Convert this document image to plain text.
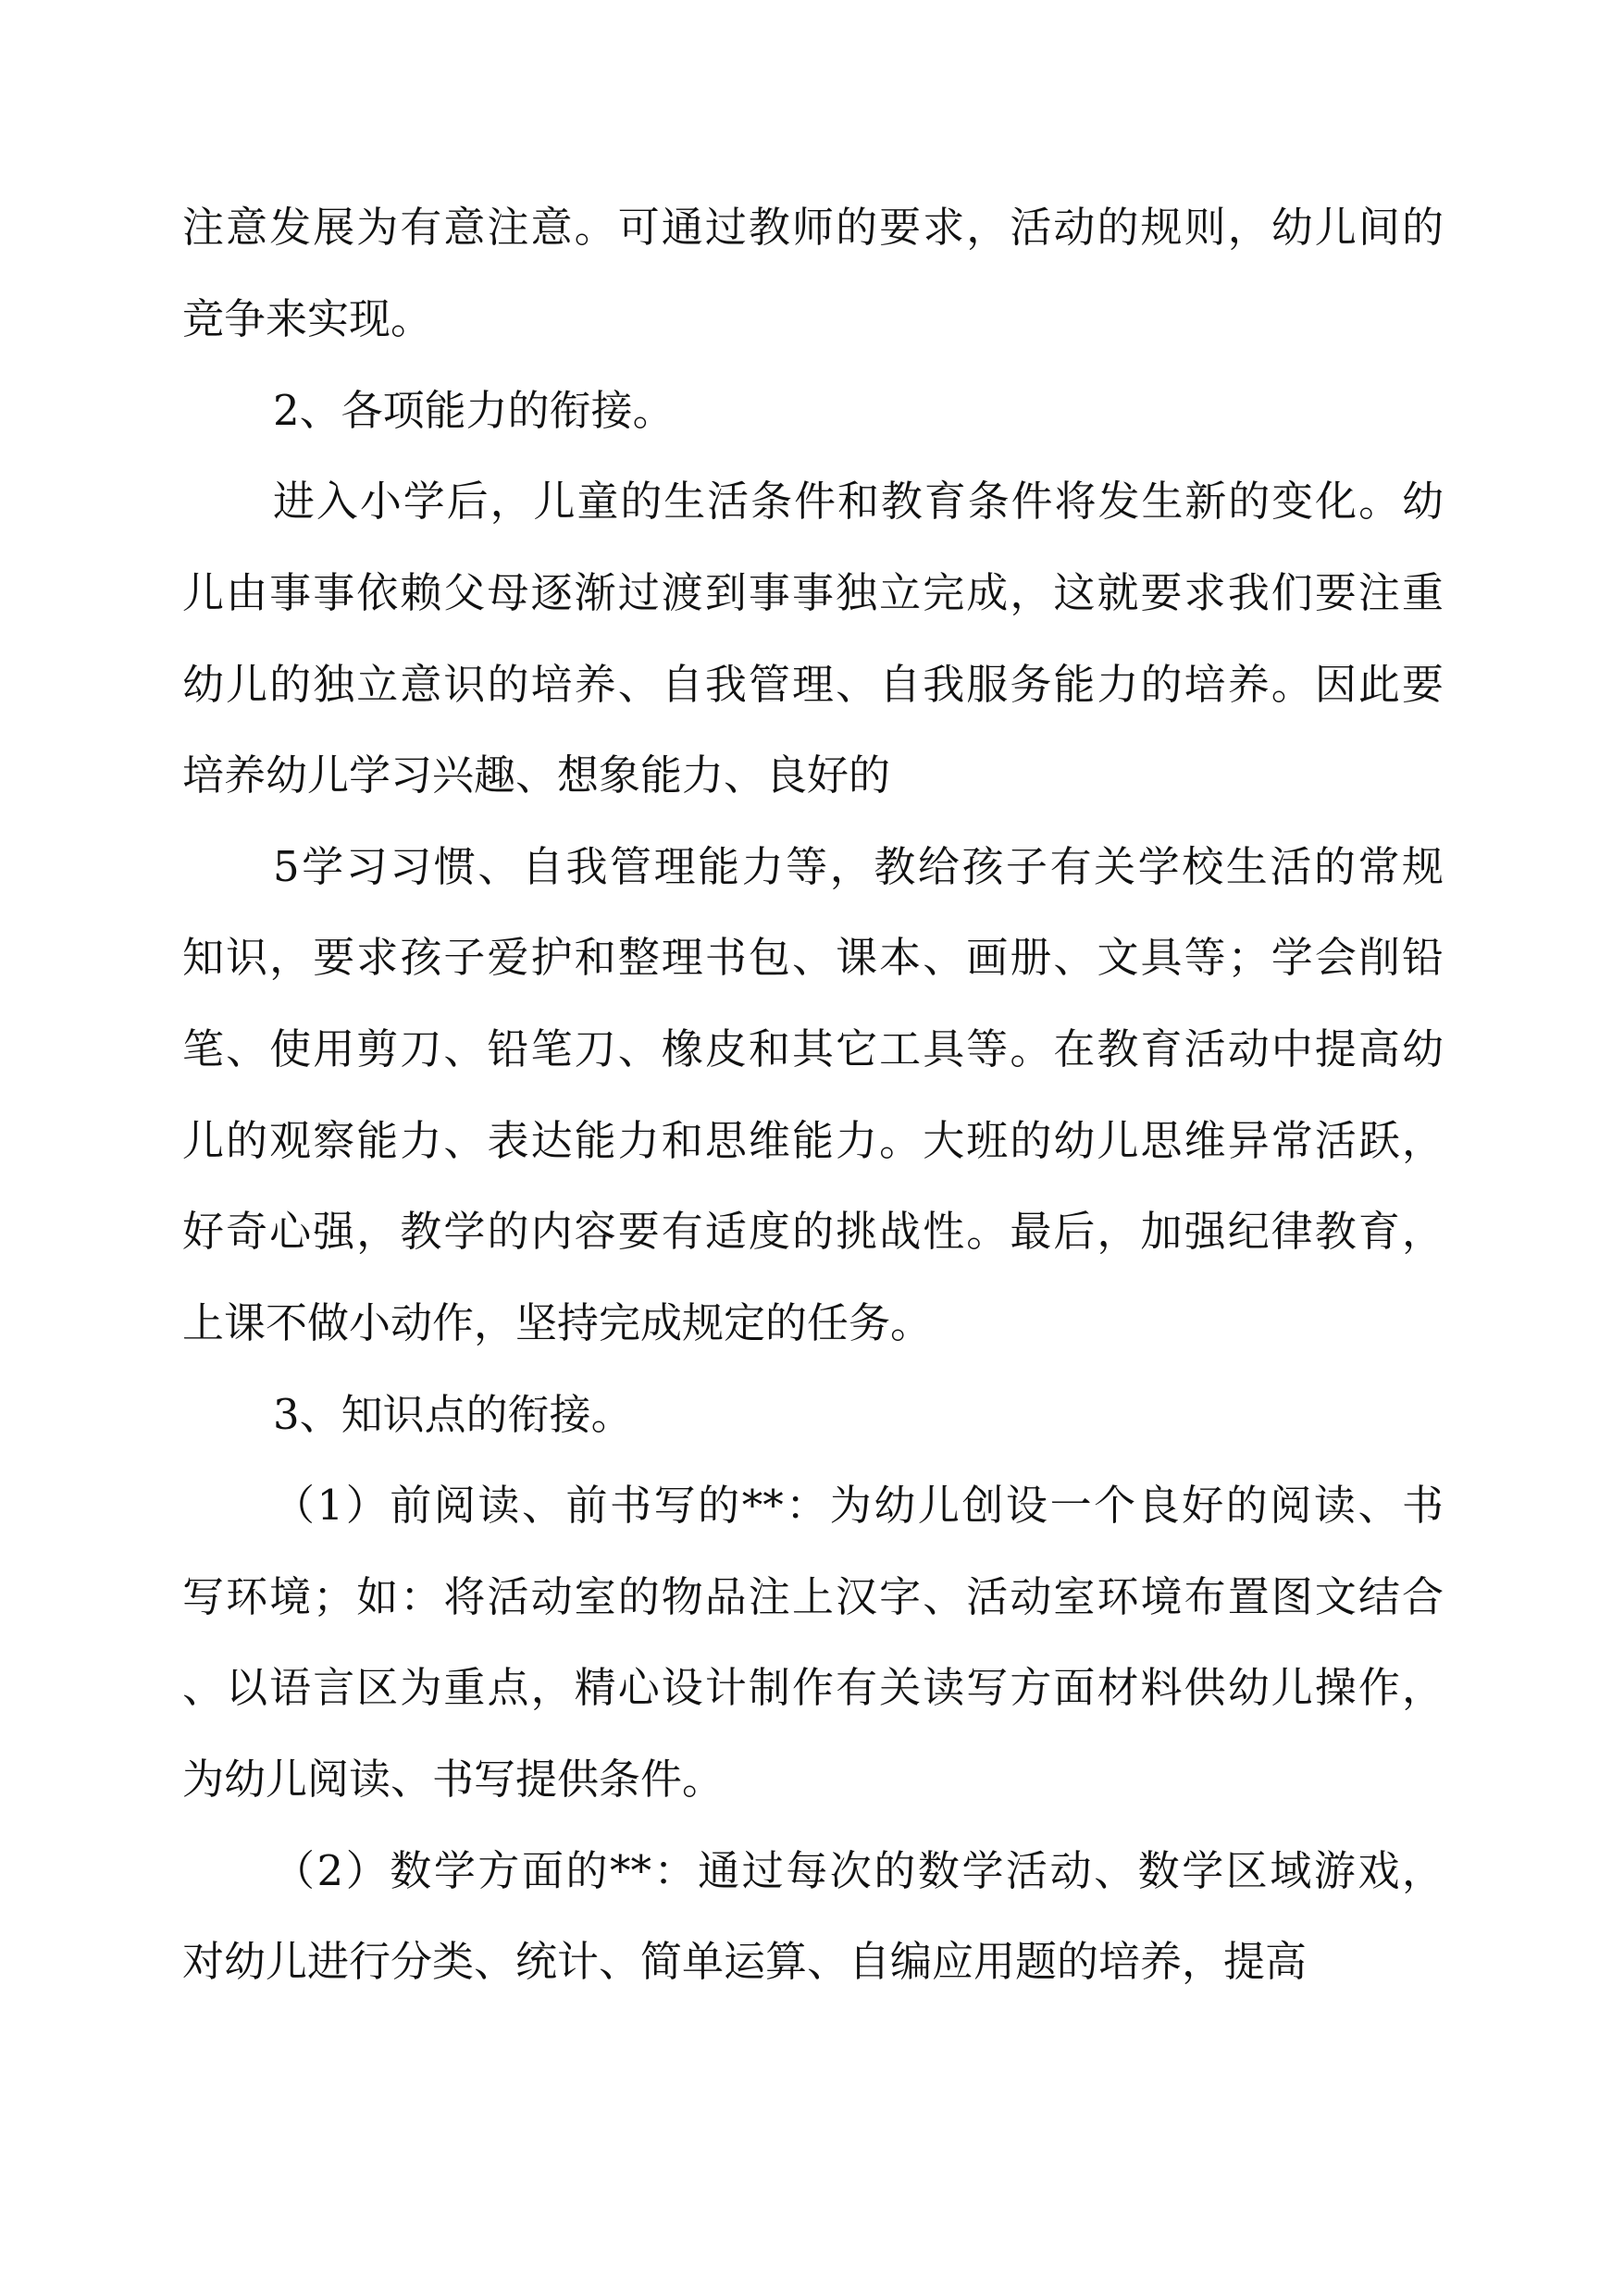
注意发展为有意注意。可通过教师的要求，活动的规则，幼儿间的

竞争来实现。

2、各项能力的衔接。

进入小学后，儿童的生活条件和教育条件将发生新的变化。幼

儿由事事依赖父母逐渐过渡到事事独立完成，这就要求我们要注重

幼儿的独立意识的培养、自我管理、自我服务能力的培养。因此要

培养幼儿学习兴趣、想象能力、良好的

5学习习惯、自我管理能力等，教给孩子有关学校生活的常规

知识，要求孩子爱护和整理书包、课本、画册、文具等；学会削铅

笔、使用剪刀、铅笔刀、橡皮和其它工具等。在教育活动中提高幼

儿的观察能力、表达能力和思维能力。大班的幼儿思维异常活跃，

好奇心强，教学的内容要有适度的挑战性。最后，加强纪律教育，

上课不做小动作，坚持完成规定的任务。

3、知识点的衔接。

（1）前阅读、前书写的**：为幼儿创设一个良好的阅读、书

写环境；如：将活动室的物品注上汉字、活动室环境布置图文结合

、以语言区为重点，精心设计制作有关读写方面材料供幼儿操作，

为幼儿阅读、书写提供条件。

（2）数学方面的**：通过每次的数学活动、数学区域游戏，

对幼儿进行分类、统计、简单运算、自编应用题的培养，提高
